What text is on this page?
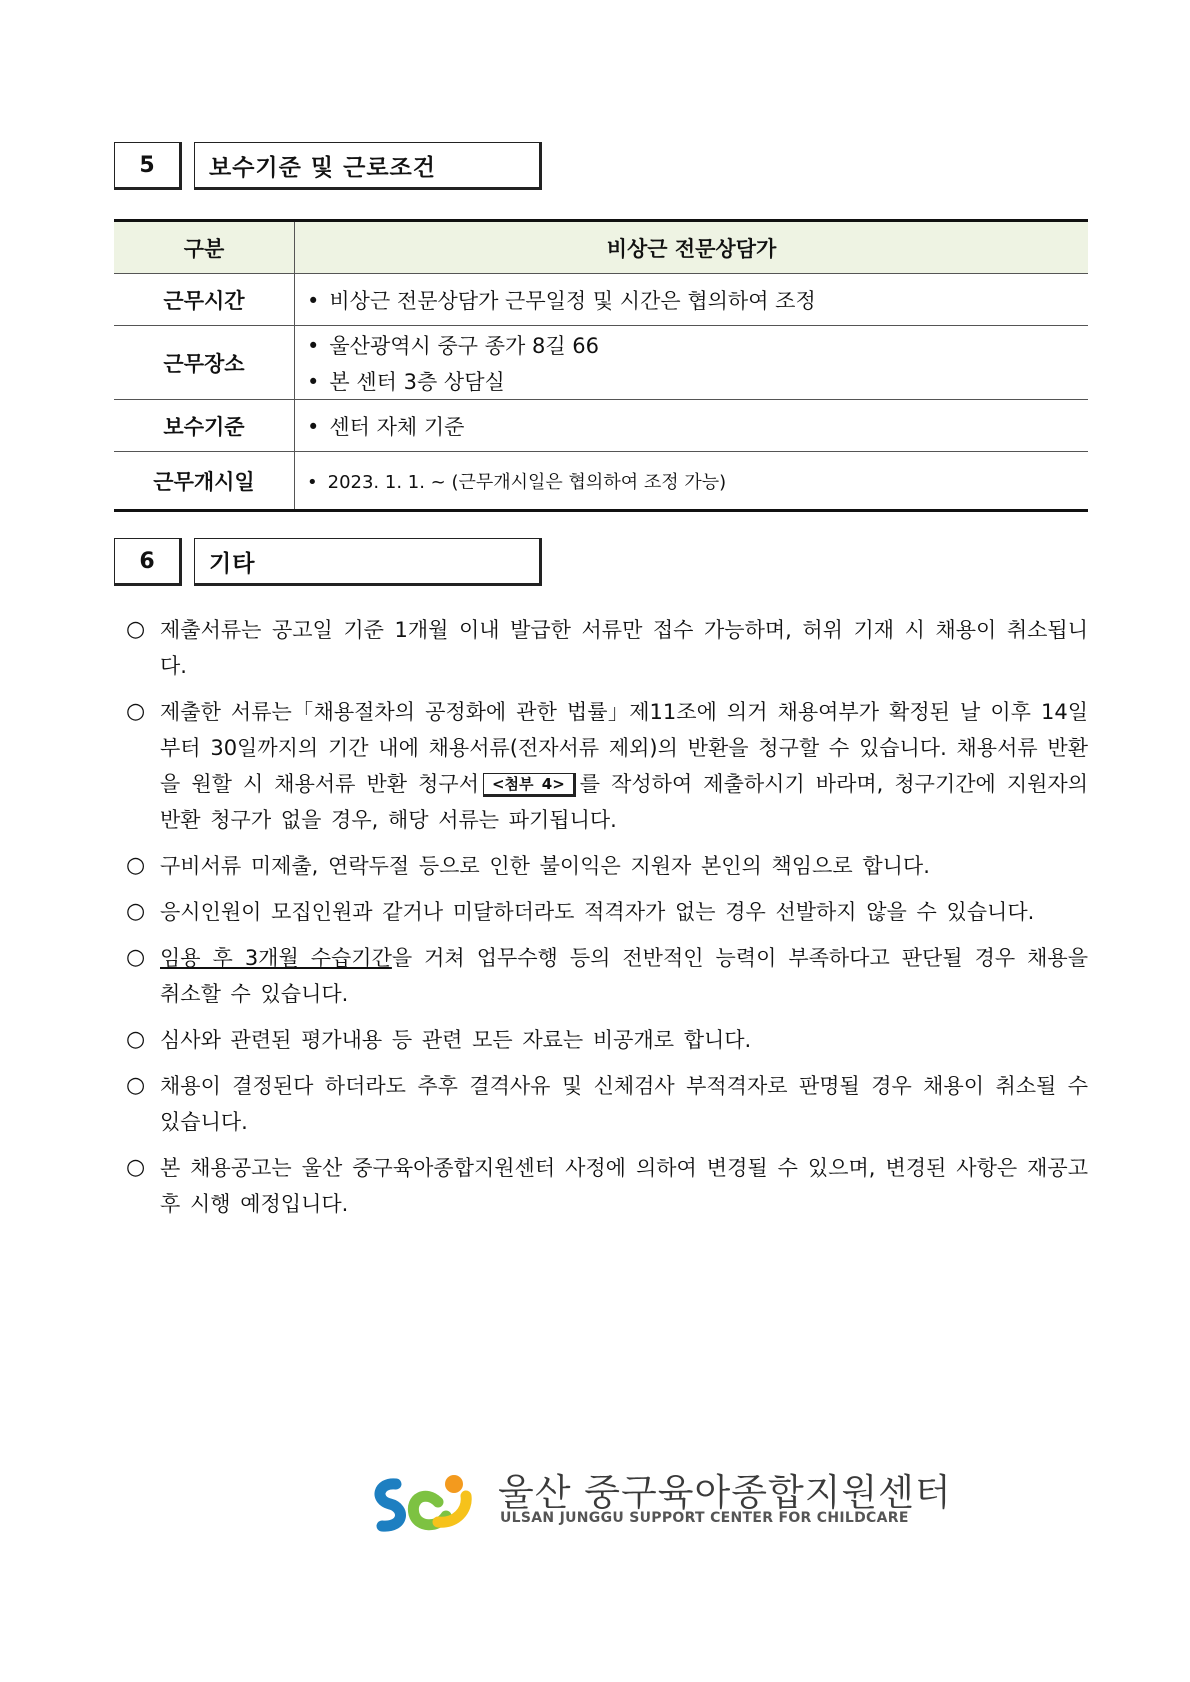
5	보수기준 및 근로조건
구분	비상근 전문상담가
근무시간	• 비상근 전문상담가 근무일정 및 시간은 협의하여 조정
근무장소	• 울산광역시 중구 종가 8길 66
• 본 센터 3층 상담실

보수기준	• 센터 자체 기준
근무개시일	• 2023. 1. 1. ~ (근무개시일은 협의하여 조정 가능)
6	기타
○ 제출서류는 공고일 기준 1개월 이내 발급한 서류만 접수 가능하며, 허위 기재 시 채용이 취소됩니다.
○ 제출한 서류는「채용절차의 공정화에 관한 법률」제11조에 의거 채용여부가 확정된 날 이후 14일부터 30일까지의 기간 내에 채용서류(전자서류 제외)의 반환을 청구할 수 있습니다. 채용서류 반환을 원할 시 채용서류 반환 청구서 <첨부 4> 를 작성하여 제출하시기 바라며, 청구기간에 지원자의 반환 청구가 없을 경우, 해당 서류는 파기됩니다.
○ 구비서류 미제출, 연락두절 등으로 인한 불이익은 지원자 본인의 책임으로 합니다.
○ 응시인원이 모집인원과 같거나 미달하더라도 적격자가 없는 경우 선발하지 않을 수 있습니다.
○ 임용 후 3개월 수습기간을 거쳐 업무수행 등의 전반적인 능력이 부족하다고 판단될 경우 채용을 취소할 수 있습니다.
○ 심사와 관련된 평가내용 등 관련 모든 자료는 비공개로 합니다.
○ 채용이 결정된다 하더라도 추후 결격사유 및 신체검사 부적격자로 판명될 경우 채용이 취소될 수 있습니다.
○ 본 채용공고는 울산 중구육아종합지원센터 사정에 의하여 변경될 수 있으며, 변경된 사항은 재공고 후 시행 예정입니다.
울산 중구육아종합지원센터
ULSAN JUNGGU SUPPORT CENTER FOR CHILDCARE
